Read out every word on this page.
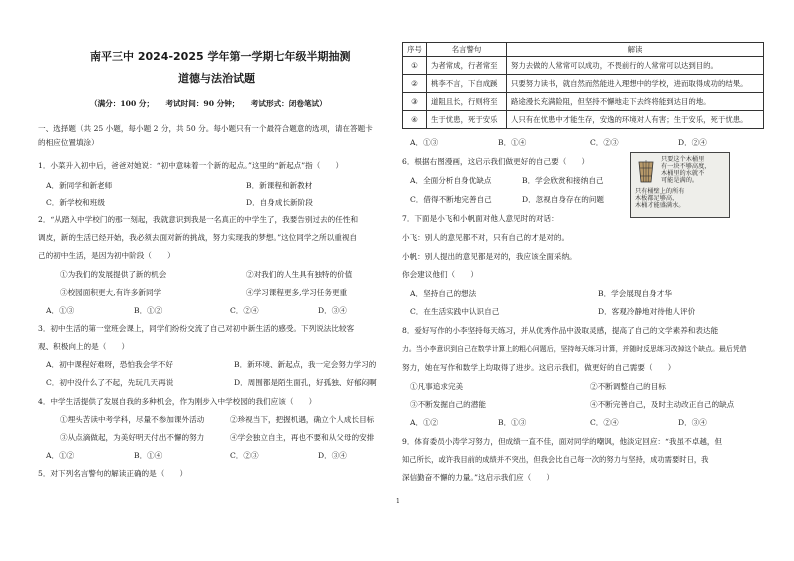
南平三中 2024-2025 学年第一学期七年级半期抽测
道德与法治试题
（满分：100 分；　　考试时间：90 分钟；　　考试形式：闭卷笔试）
一、选择题（共 25 小题，每小题 2 分，共 50 分。每小题只有一个最符合题意的选项，请在答题卡
的相应位置填涂）
1．小菜升入初中后，爸爸对她说：“初中意味着一个新的起点。”这里的“新起点”指（　　）
A．新同学和新老师	B．新课程和新教材
C．新学校和班级	D．自身成长新阶段
2．“从踏入中学校门的那一刻起，我就意识到我是一名真正的中学生了，我要告别过去的任性和
调皮，新的生活已经开始，我必须去面对新的挑战，努力实现我的梦想。”这位同学之所以重视自
己的初中生活，是因为初中阶段（　　）
①为我们的发展提供了新的机会	②对我们的人生具有独特的价值
③校园面积更大,有许多新同学	④学习课程更多,学习任务更重
A．①③	B．①②	C．②④	D．③④
3．初中生活的第一堂班会课上，同学们纷纷交流了自己对初中新生活的感受。下列说法比较客
观、积极向上的是（　　）
A．初中课程好难呀，恐怕我会学不好	B．新环境、新起点，我一定会努力学习的
C．初中没什么了不起，先玩几天再说	D．周围都是陌生面孔，好孤独、好郁闷啊
4．中学生活提供了发展自我的多种机会，作为刚步入中学校园的我们应该（　　）
①埋头苦读中考学科，尽量不参加课外活动	②珍视当下，把握机遇，确立个人成长目标
③从点滴做起，为美好明天付出不懈的努力	④学会独立自主，再也不要和从父母的安排
A．①②	B．①④	C．②③	D．③④
5．对下列名言警句的解读正确的是（　　）
序号	名言警句	解读
①	为者常成，行者常至	努力去做的人常常可以成功，不畏前行的人常常可以达到目的。
②	桃李不言，下自成蹊	只要努力读书，就自然而然能进入理想中的学校，进而取得成功的结果。
③	道阻且长，行则将至	路途漫长充满险阻，但坚持不懈地走下去终将能到达目的地。
④	生于忧患，死于安乐	人只有在忧患中才能生存，安逸的环境对人有害；生于安乐，死于忧患。
A．①③	B．①④	C．②③	D．②④
6．根据右图漫画，这启示我们做更好的自己要（　　）
A．全面分析自身优缺点	B．学会欣赏和接纳自己
C．借得不断地完善自己	D．忽视自身存在的问题
只要这个木桶里
有一块不够高度，
木桶里的水就不
可能是满的。
只有桶壁上的所有
木板都足够高，
木桶才能盛满水。
7．下面是小飞和小帆面对他人意见时的对话：
小飞：别人的意见都不对，只有自己的才是对的。
小帆：别人提出的意见都是对的，我应该全面采纳。
你会建议他们（　　）
A．坚持自己的想法	B．学会展现自身才华
C．在生活实践中认识自己	D．客观冷静地对待他人评价
8．爱好写作的小李坚持每天练习，并从优秀作品中汲取灵感，提高了自己的文学素养和表达能
力。当小李意识到自己在数学计算上的粗心问题后，坚持每天练习计算，并随时反思练习改掉这个缺点。最后凭借
努力，她在写作和数学上均取得了进步。这启示我们，做更好的自己需要（　　）
①凡事追求完美	②不断调整自己的目标
③不断发掘自己的潜能	④不断完善自己，及时主动改正自己的缺点
A．①②	B．①③	C．②④	D．③④
9．体育委员小涛学习努力，但成绩一直不佳，面对同学的嘲讽，他淡定回应：“我虽不卓越，但
知己所长，或许我目前的成绩并不突出，但我会比自己每一次的努力与坚持，成功需要时日，我
深信勤奋不懈的力量。”这启示我们应（　　）
1
